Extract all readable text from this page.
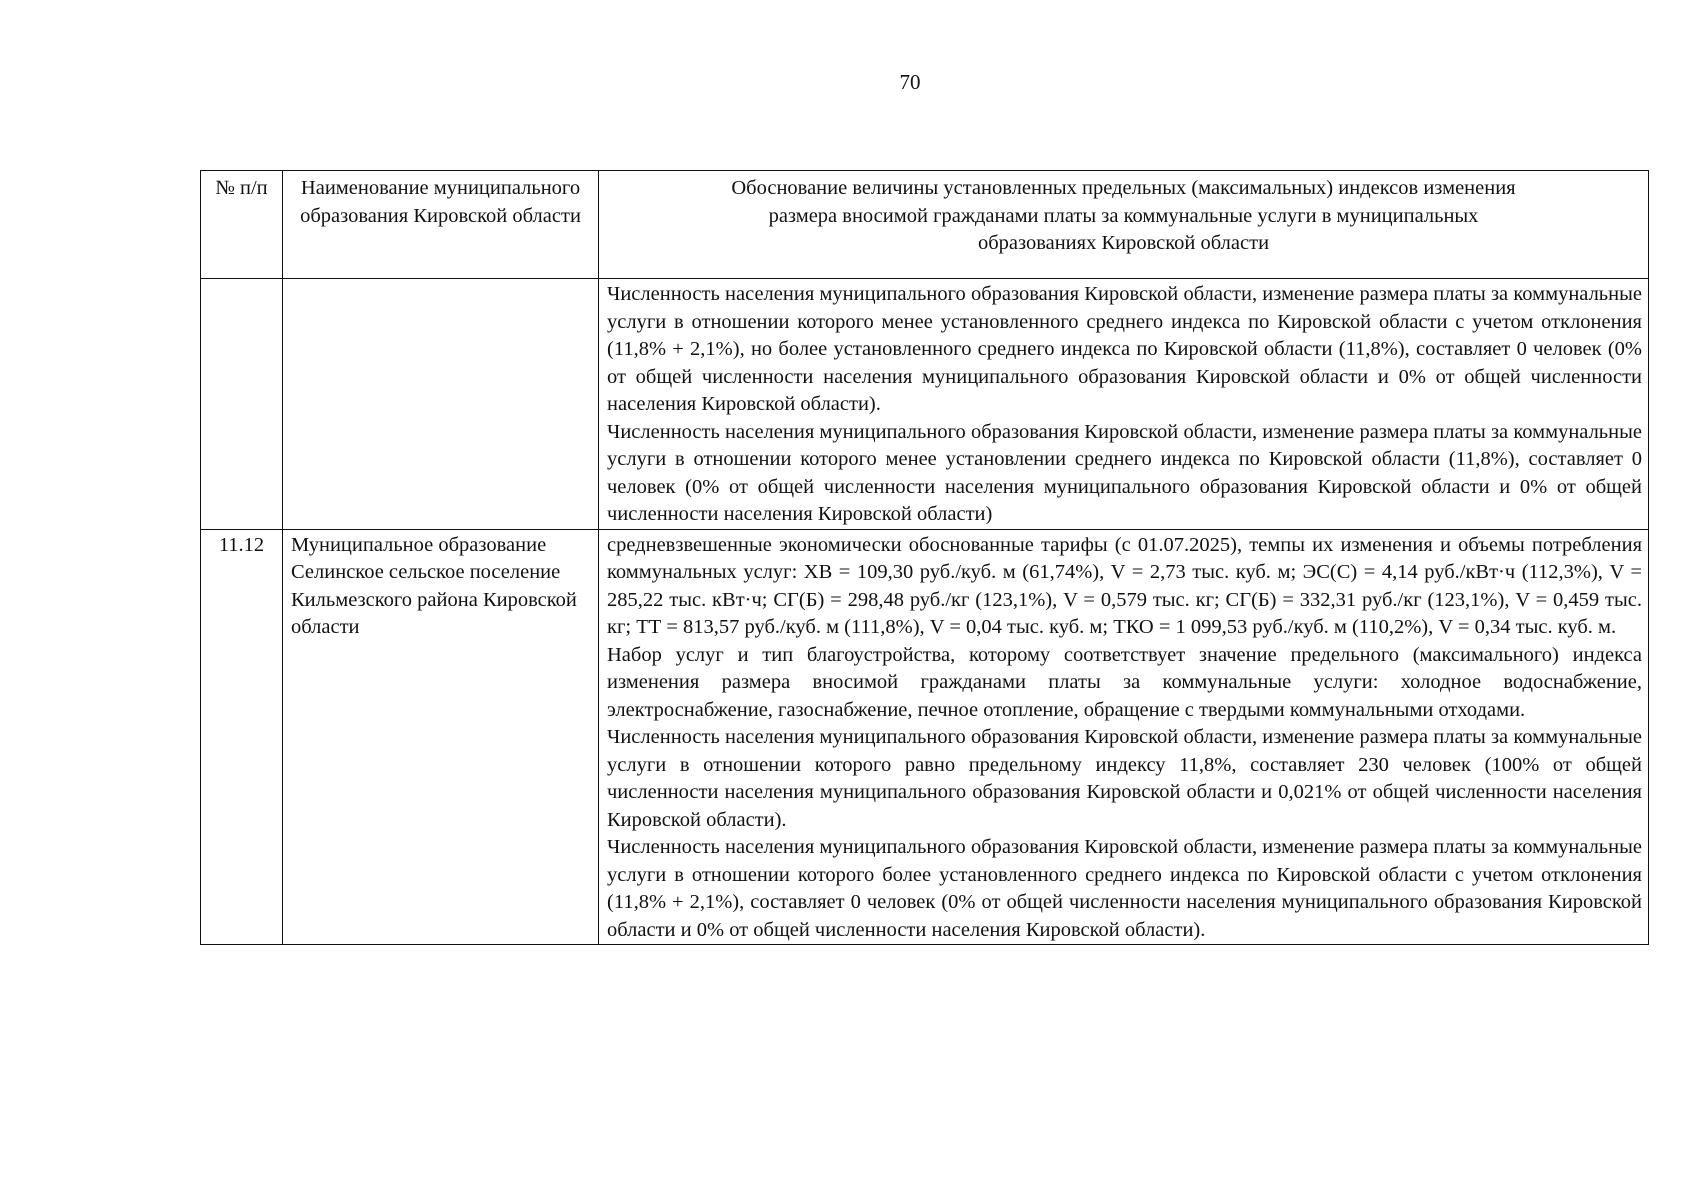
70
№ п/п	Наименование муниципального образования Кировской области	Обоснование величины установленных предельных (максимальных) индексов изменения размера вносимой гражданами платы за коммунальные услуги в муниципальных образованиях Кировской области

		Численность населения муниципального образования Кировской области, изменение размера платы за коммунальные услуги в отношении которого менее установленного среднего индекса по Кировской области с учетом отклонения (11,8% + 2,1%), но более установленного среднего индекса по Кировской области (11,8%), составляет 0 человек (0% от общей численности населения муниципального образования Кировской области и 0% от общей численности населения Кировской области).

Численность населения муниципального образования Кировской области, изменение размера платы за коммунальные услуги в отношении которого менее установлении среднего индекса по Кировской области (11,8%), составляет 0 человек (0% от общей численности населения муниципального образования Кировской области и 0% от общей численности населения Кировской области)

11.12	Муниципальное образование Селинское сельское поселение Кильмезского района Кировской области	средневзвешенные экономически обоснованные тарифы (с 01.07.2025), темпы их изменения и объемы потребления коммунальных услуг: ХВ = 109,30 руб./куб. м (61,74%), V = 2,73 тыс. куб. м; ЭС(С) = 4,14 руб./кВт·ч (112,3%), V = 285,22 тыс. кВт·ч; СГ(Б) = 298,48 руб./кг (123,1%), V = 0,579 тыс. кг; СГ(Б) = 332,31 руб./кг (123,1%), V = 0,459 тыс. кг; ТТ = 813,57 руб./куб. м (111,8%), V = 0,04 тыс. куб. м; ТКО = 1 099,53 руб./куб. м (110,2%), V = 0,34 тыс. куб. м.

Набор услуг и тип благоустройства, которому соответствует значение предельного (максимального) индекса изменения размера вносимой гражданами платы за коммунальные услуги: холодное водоснабжение, электроснабжение, газоснабжение, печное отопление, обращение с твердыми коммунальными отходами.

Численность населения муниципального образования Кировской области, изменение размера платы за коммунальные услуги в отношении которого равно предельному индексу 11,8%, составляет 230 человек (100% от общей численности населения муниципального образования Кировской области и 0,021% от общей численности населения Кировской области).

Численность населения муниципального образования Кировской области, изменение размера платы за коммунальные услуги в отношении которого более установленного среднего индекса по Кировской области с учетом отклонения (11,8% + 2,1%), составляет 0 человек (0% от общей численности населения муниципального образования Кировской области и 0% от общей численности населения Кировской области).
